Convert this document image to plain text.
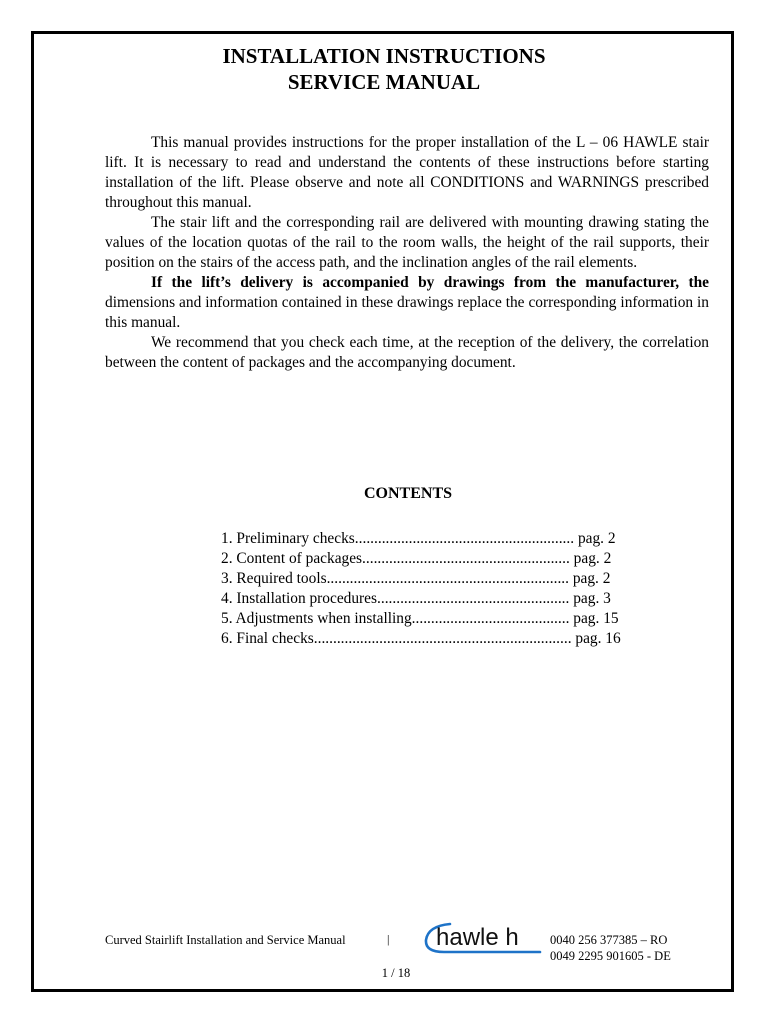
INSTALLATION INSTRUCTIONS
SERVICE MANUAL

This manual provides instructions for the proper installation of the L – 06 HAWLE stair lift. It is necessary to read and understand the contents of these instructions before starting installation of the lift. Please observe and note all CONDITIONS and WARNINGS prescribed throughout this manual.

The stair lift and the corresponding rail are delivered with mounting drawing stating the values of the location quotas of the rail to the room walls, the height of the rail supports, their position on the stairs of the access path, and the inclination angles of the rail elements.

If the lift’s delivery is accompanied by drawings from the manufacturer, the dimensions and information contained in these drawings replace the corresponding information in this manual.

We recommend that you check each time, at the reception of the delivery, the correlation between the content of packages and the accompanying document.

CONTENTS
1. Preliminary checks......................................................... pag. 2
2. Content of packages...................................................... pag. 2
3. Required tools............................................................... pag. 2
4. Installation procedures.................................................. pag. 3
5. Adjustments when installing......................................... pag. 15
6. Final checks................................................................... pag. 16
Curved Stairlift Installation and Service Manual	| hawle h	0040 256 377385 – RO
0049 2295 901605 - DE
1 / 18
